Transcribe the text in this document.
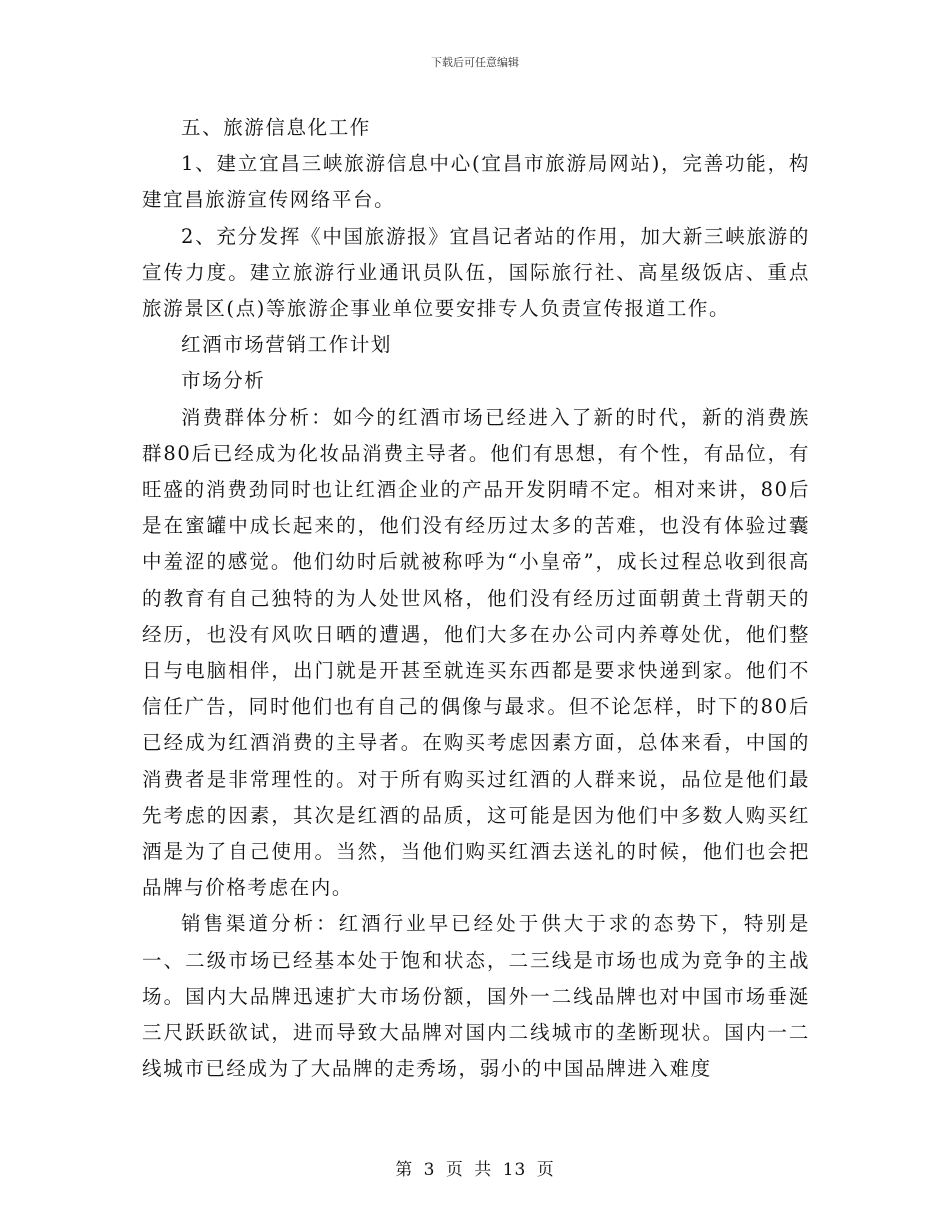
下载后可任意编辑

五、旅游信息化工作

1、建立宜昌三峡旅游信息中心(宜昌市旅游局网站)，完善功能，构建宜昌旅游宣传网络平台。

2、充分发挥《中国旅游报》宜昌记者站的作用，加大新三峡旅游的宣传力度。建立旅游行业通讯员队伍，国际旅行社、高星级饭店、重点旅游景区(点)等旅游企事业单位要安排专人负责宣传报道工作。

红酒市场营销工作计划

市场分析

消费群体分析：如今的红酒市场已经进入了新的时代，新的消费族群80后已经成为化妆品消费主导者。他们有思想，有个性，有品位，有旺盛的消费劲同时也让红酒企业的产品开发阴晴不定。相对来讲，80后是在蜜罐中成长起来的，他们没有经历过太多的苦难，也没有体验过囊中羞涩的感觉。他们幼时后就被称呼为“小皇帝”，成长过程总收到很高的教育有自己独特的为人处世风格，他们没有经历过面朝黄土背朝天的经历，也没有风吹日晒的遭遇，他们大多在办公司内养尊处优，他们整日与电脑相伴，出门就是开甚至就连买东西都是要求快递到家。他们不信任广告，同时他们也有自己的偶像与最求。但不论怎样，时下的80后已经成为红酒消费的主导者。在购买考虑因素方面，总体来看，中国的消费者是非常理性的。对于所有购买过红酒的人群来说，品位是他们最先考虑的因素，其次是红酒的品质，这可能是因为他们中多数人购买红酒是为了自己使用。当然，当他们购买红酒去送礼的时候，他们也会把品牌与价格考虑在内。

销售渠道分析：红酒行业早已经处于供大于求的态势下，特别是一、二级市场已经基本处于饱和状态，二三线是市场也成为竞争的主战场。国内大品牌迅速扩大市场份额，国外一二线品牌也对中国市场垂涎三尺跃跃欲试，进而导致大品牌对国内二线城市的垄断现状。国内一二线城市已经成为了大品牌的走秀场，弱小的中国品牌进入难度

第 3 页 共 13 页
